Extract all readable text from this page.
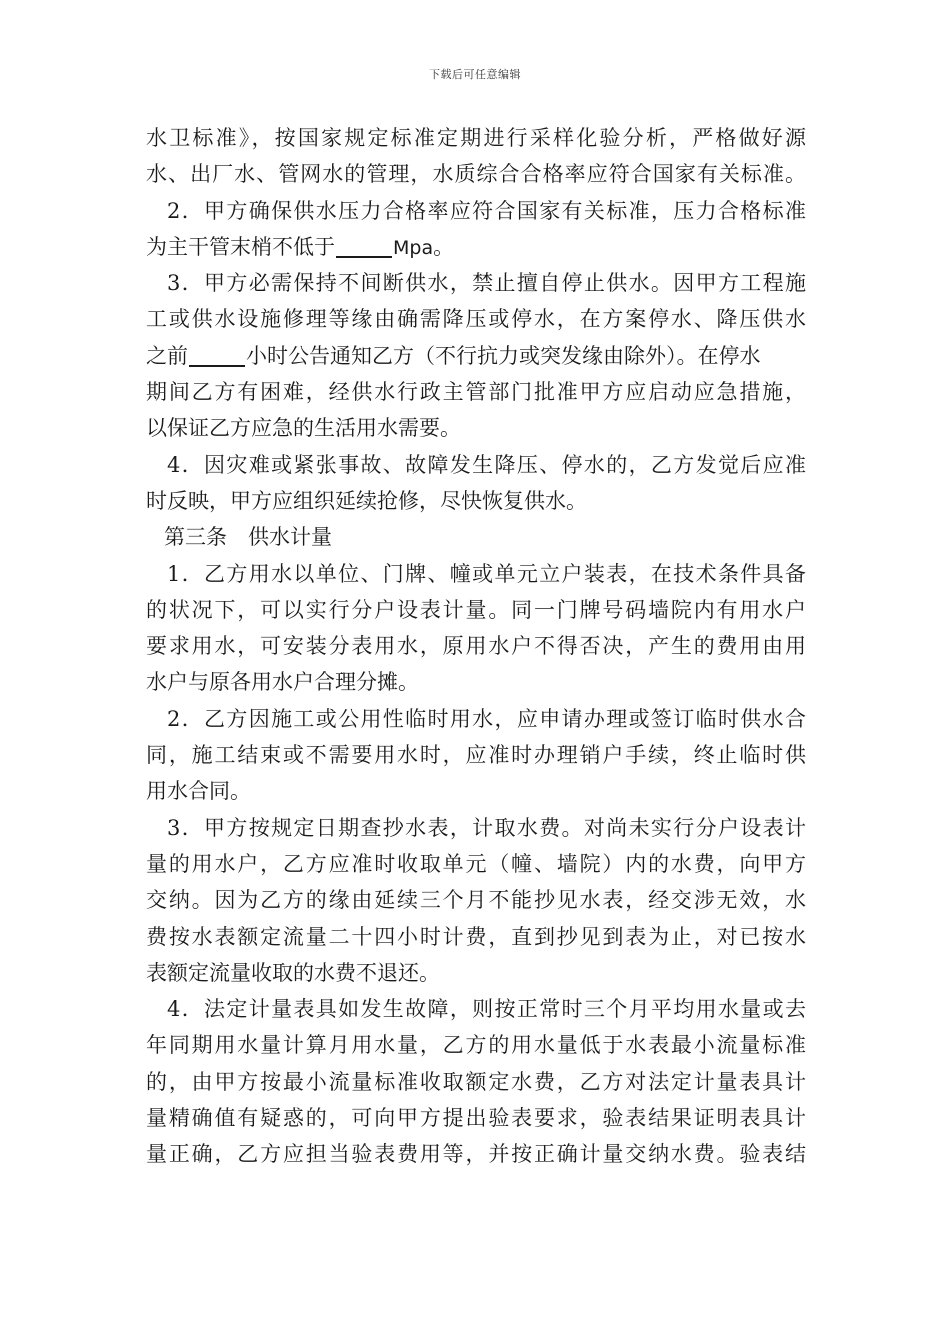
下载后可任意编辑
水卫标准》，按国家规定标准定期进行采样化验分析，严格做好源
水、出厂水、管网水的管理，水质综合合格率应符合国家有关标准。
2．甲方确保供水压力合格率应符合国家有关标准，压力合格标准
为主干管末梢不低于	Mpa。
3．甲方必需保持不间断供水，禁止擅自停止供水。因甲方工程施
工或供水设施修理等缘由确需降压或停水，在方案停水、降压供水
之前	小时公告通知乙方（不行抗力或突发缘由除外）。在停水
期间乙方有困难，经供水行政主管部门批准甲方应启动应急措施，
以保证乙方应急的生活用水需要。
4．因灾难或紧张事故、故障发生降压、停水的，乙方发觉后应准
时反映，甲方应组织延续抢修，尽快恢复供水。
第三条　供水计量
1．乙方用水以单位、门牌、幢或单元立户装表，在技术条件具备
的状况下，可以实行分户设表计量。同一门牌号码墙院内有用水户
要求用水，可安装分表用水，原用水户不得否决，产生的费用由用
水户与原各用水户合理分摊。
2．乙方因施工或公用性临时用水，应申请办理或签订临时供水合
同，施工结束或不需要用水时，应准时办理销户手续，终止临时供
用水合同。
3．甲方按规定日期查抄水表，计取水费。对尚未实行分户设表计
量的用水户，乙方应准时收取单元（幢、墙院）内的水费，向甲方
交纳。因为乙方的缘由延续三个月不能抄见水表，经交涉无效，水
费按水表额定流量二十四小时计费，直到抄见到表为止，对已按水
表额定流量收取的水费不退还。
4．法定计量表具如发生故障，则按正常时三个月平均用水量或去
年同期用水量计算月用水量，乙方的用水量低于水表最小流量标准
的，由甲方按最小流量标准收取额定水费，乙方对法定计量表具计
量精确值有疑惑的，可向甲方提出验表要求，验表结果证明表具计
量正确，乙方应担当验表费用等，并按正确计量交纳水费。验表结
